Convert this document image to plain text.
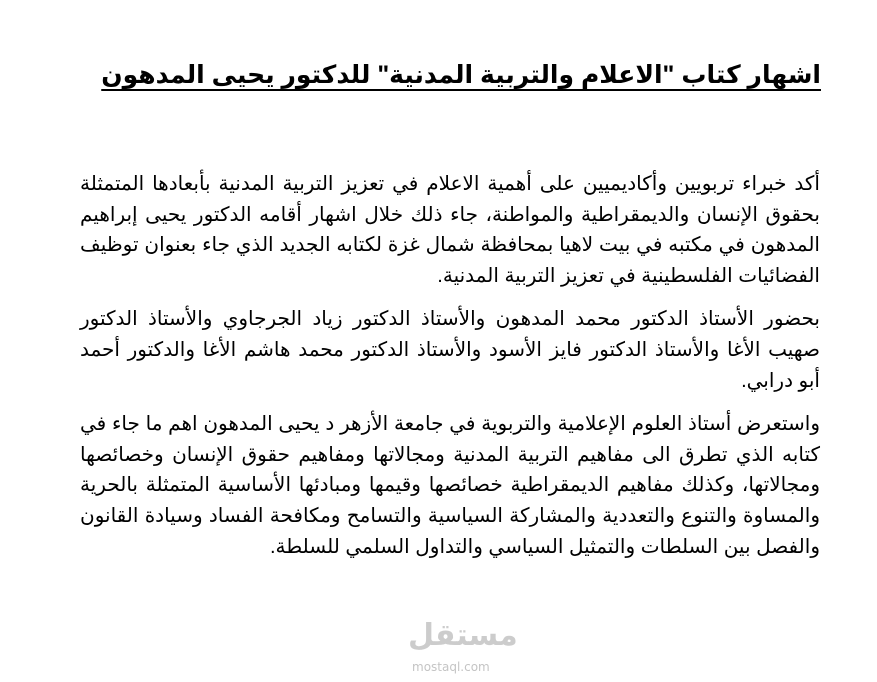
اشهار كتاب "الاعلام والتربية المدنية" للدكتور يحيى المدهون

أكد خبراء تربويين وأكاديميين على أهمية الاعلام في تعزيز التربية المدنية بأبعادها المتمثلة بحقوق الإنسان والديمقراطية والمواطنة، جاء ذلك خلال اشهار أقامه الدكتور يحيى إبراهيم المدهون في مكتبه في بيت لاهيا بمحافظة شمال غزة لكتابه الجديد الذي جاء بعنوان توظيف الفضائيات الفلسطينية في تعزيز التربية المدنية.

بحضور الأستاذ الدكتور محمد المدهون والأستاذ الدكتور زياد الجرجاوي والأستاذ الدكتور صهيب الأغا والأستاذ الدكتور فايز الأسود والأستاذ الدكتور محمد هاشم الأغا والدكتور أحمد أبو درابي.

واستعرض أستاذ العلوم الإعلامية والتربوية في جامعة الأزهر د يحيى المدهون اهم ما جاء في كتابه الذي تطرق الى مفاهيم التربية المدنية ومجالاتها ومفاهيم حقوق الإنسان وخصائصها ومجالاتها، وكذلك مفاهيم الديمقراطية خصائصها وقيمها ومبادئها الأساسية المتمثلة بالحرية والمساوة والتنوع والتعددية والمشاركة السياسية والتسامح ومكافحة الفساد وسيادة القانون والفصل بين السلطات والتمثيل السياسي والتداول السلمي للسلطة.

مستقل
mostaql.com
